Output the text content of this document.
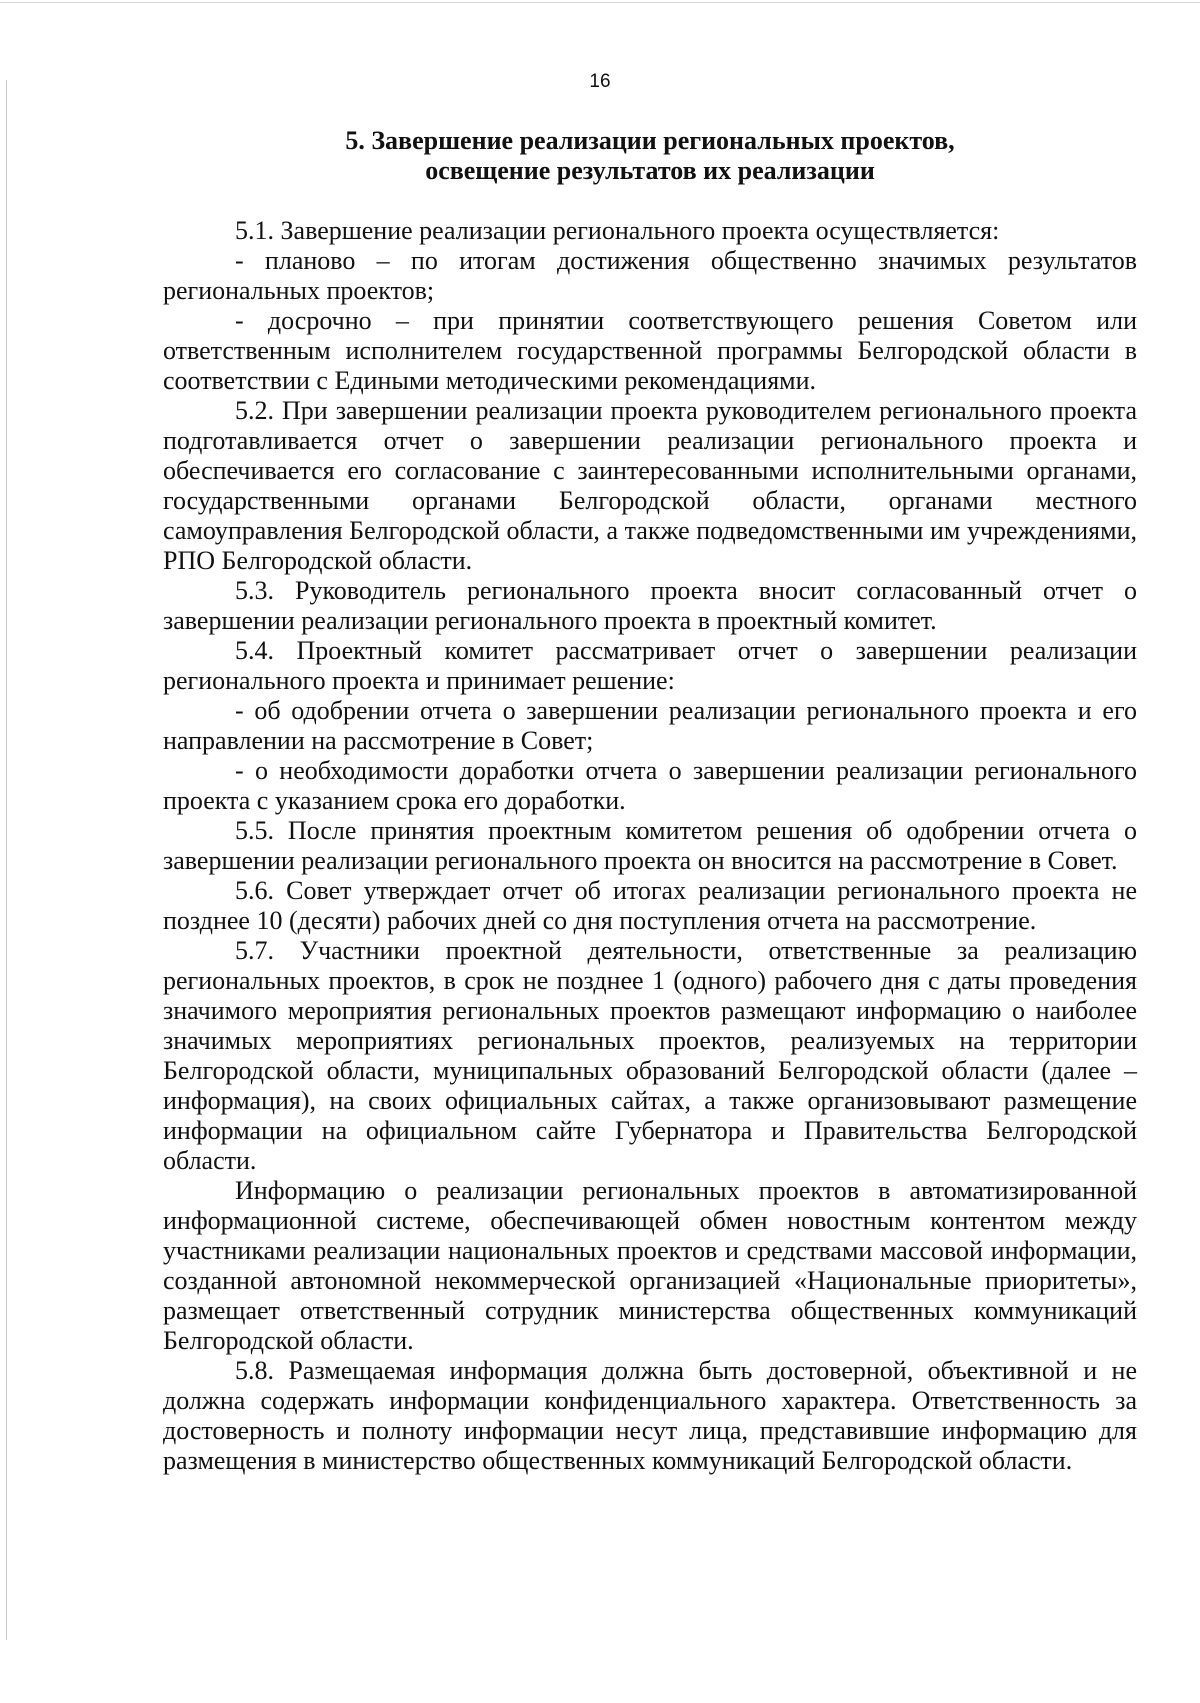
16
5. Завершение реализации региональных проектов,
освещение результатов их реализации

5.1. Завершение реализации регионального проекта осуществляется:

- планово – по итогам достижения общественно значимых результатов региональных проектов;

- досрочно – при принятии соответствующего решения Советом или ответственным исполнителем государственной программы Белгородской области в соответствии с Едиными методическими рекомендациями.

5.2. При завершении реализации проекта руководителем регионального проекта подготавливается отчет о завершении реализации регионального проекта и обеспечивается его согласование с заинтересованными исполнительными органами, государственными органами Белгородской области, органами местного самоуправления Белгородской области, а также подведомственными им учреждениями, РПО Белгородской области.

5.3. Руководитель регионального проекта вносит согласованный отчет о завершении реализации регионального проекта в проектный комитет.

5.4. Проектный комитет рассматривает отчет о завершении реализации регионального проекта и принимает решение:

- об одобрении отчета о завершении реализации регионального проекта и его направлении на рассмотрение в Совет;

- о необходимости доработки отчета о завершении реализации регионального проекта с указанием срока его доработки.

5.5. После принятия проектным комитетом решения об одобрении отчета о завершении реализации регионального проекта он вносится на рассмотрение в Совет.

5.6. Совет утверждает отчет об итогах реализации регионального проекта не позднее 10 (десяти) рабочих дней со дня поступления отчета на рассмотрение.

5.7. Участники проектной деятельности, ответственные за реализацию региональных проектов, в срок не позднее 1 (одного) рабочего дня с даты проведения значимого мероприятия региональных проектов размещают информацию о наиболее значимых мероприятиях региональных проектов, реализуемых на территории Белгородской области, муниципальных образований Белгородской области (далее – информация), на своих официальных сайтах, а также организовывают размещение информации на официальном сайте Губернатора и Правительства Белгородской области.

Информацию о реализации региональных проектов в автоматизированной информационной системе, обеспечивающей обмен новостным контентом между участниками реализации национальных проектов и средствами массовой информации, созданной автономной некоммерческой организацией «Национальные приоритеты», размещает ответственный сотрудник министерства общественных коммуникаций Белгородской области.

5.8. Размещаемая информация должна быть достоверной, объективной и не должна содержать информации конфиденциального характера. Ответственность за достоверность и полноту информации несут лица, представившие информацию для размещения в министерство общественных коммуникаций Белгородской области.
